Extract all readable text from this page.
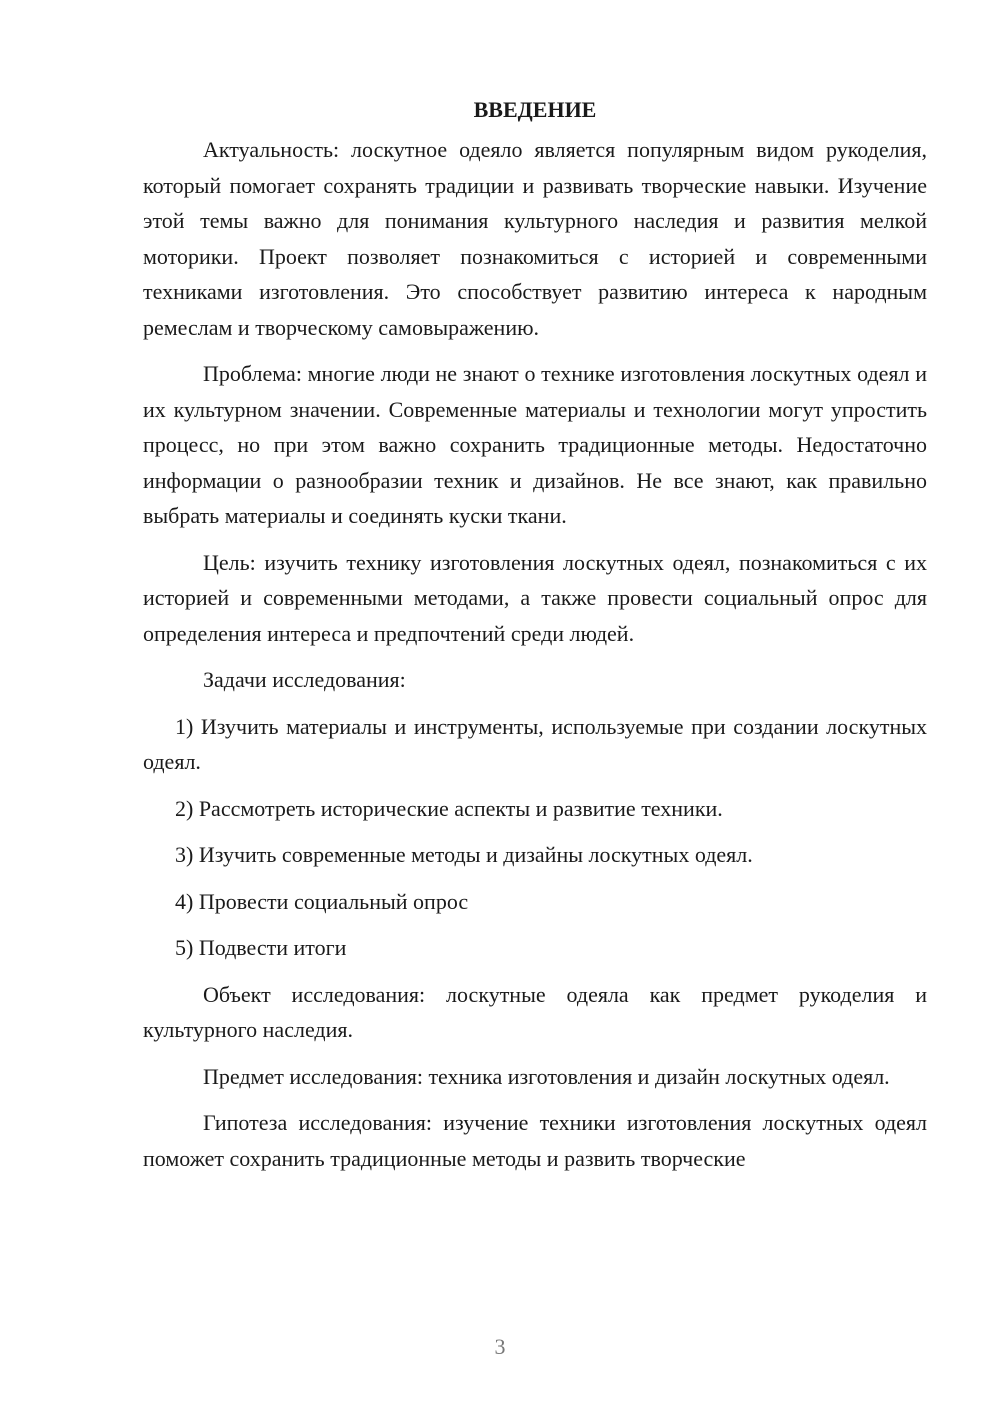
ВВЕДЕНИЕ

Актуальность: лоскутное одеяло является популярным видом рукоделия, который помогает сохранять традиции и развивать творческие навыки. Изучение этой темы важно для понимания культурного наследия и развития мелкой моторики. Проект позволяет познакомиться с историей и современными техниками изготовления. Это способствует развитию интереса к народным ремеслам и творческому самовыражению.

Проблема: многие люди не знают о технике изготовления лоскутных одеял и их культурном значении. Современные материалы и технологии могут упростить процесс, но при этом важно сохранить традиционные методы. Недостаточно информации о разнообразии техник и дизайнов. Не все знают, как правильно выбрать материалы и соединять куски ткани.

Цель: изучить технику изготовления лоскутных одеял, познакомиться с их историей и современными методами, а также провести социальный опрос для определения интереса и предпочтений среди людей.

Задачи исследования:

1) Изучить материалы и инструменты, используемые при создании лоскутных одеял.

2) Рассмотреть исторические аспекты и развитие техники.

3) Изучить современные методы и дизайны лоскутных одеял.

4) Провести социальный опрос

5) Подвести итоги

Объект исследования: лоскутные одеяла как предмет рукоделия и культурного наследия.

Предмет исследования: техника изготовления и дизайн лоскутных одеял.

Гипотеза исследования: изучение техники изготовления лоскутных одеял поможет сохранить традиционные методы и развить творческие

3
